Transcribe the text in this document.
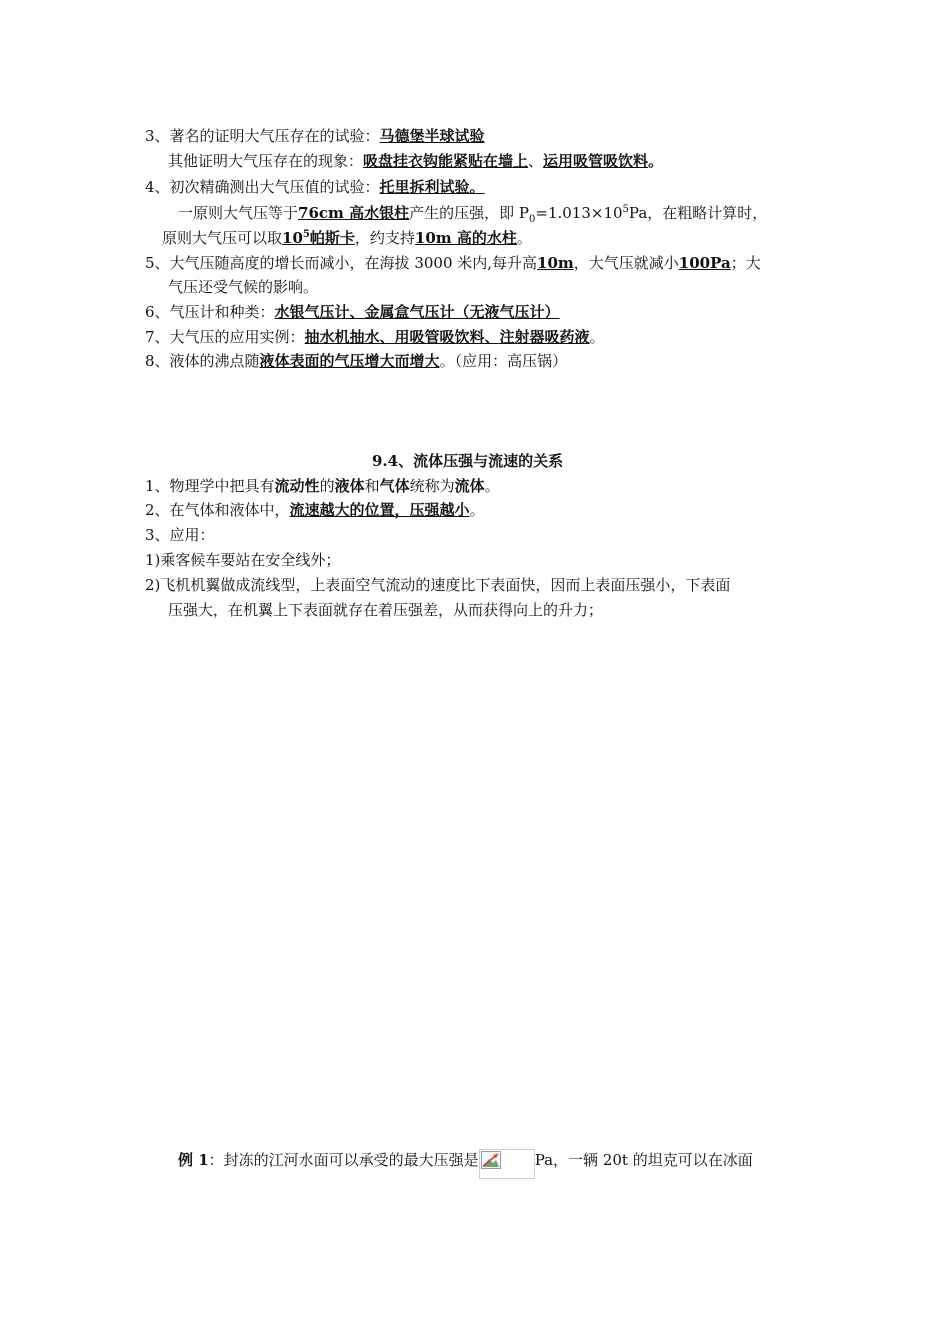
3、著名的证明大气压存在的试验：马德堡半球试验
其他证明大气压存在的现象：吸盘挂衣钩能紧贴在墙上、运用吸管吸饮料。
4、初次精确测出大气压值的试验：托里拆利试验。
一原则大气压等于76cm 高水银柱产生的压强，即 $P_0=1.013\times 10^5Pa$，在粗略计算时，
原则大气压可以取$10^5$帕斯卡，约支持10m 高的水柱。
5、大气压随高度的增长而减小，在海拔 3000 米内,每升高10m，大气压就减小100Pa；大
气压还受气候的影响。
6、气压计和种类：水银气压计、金属盒气压计（无液气压计）
7、大气压的应用实例：抽水机抽水、用吸管吸饮料、注射器吸药液。
8、液体的沸点随液体表面的气压增大而增大。（应用：高压锅）
9.4、流体压强与流速的关系
1、物理学中把具有流动性的液体和气体统称为流体。
2、在气体和液体中，流速越大的位置，压强越小。
3、应用：
1)乘客候车要站在安全线外；
2)飞机机翼做成流线型，上表面空气流动的速度比下表面快，因而上表面压强小，下表面
压强大，在机翼上下表面就存在着压强差，从而获得向上的升力；
例 1：封冻的江河水面可以承受的最大压强是	Pa，一辆 20t 的坦克可以在冰面
